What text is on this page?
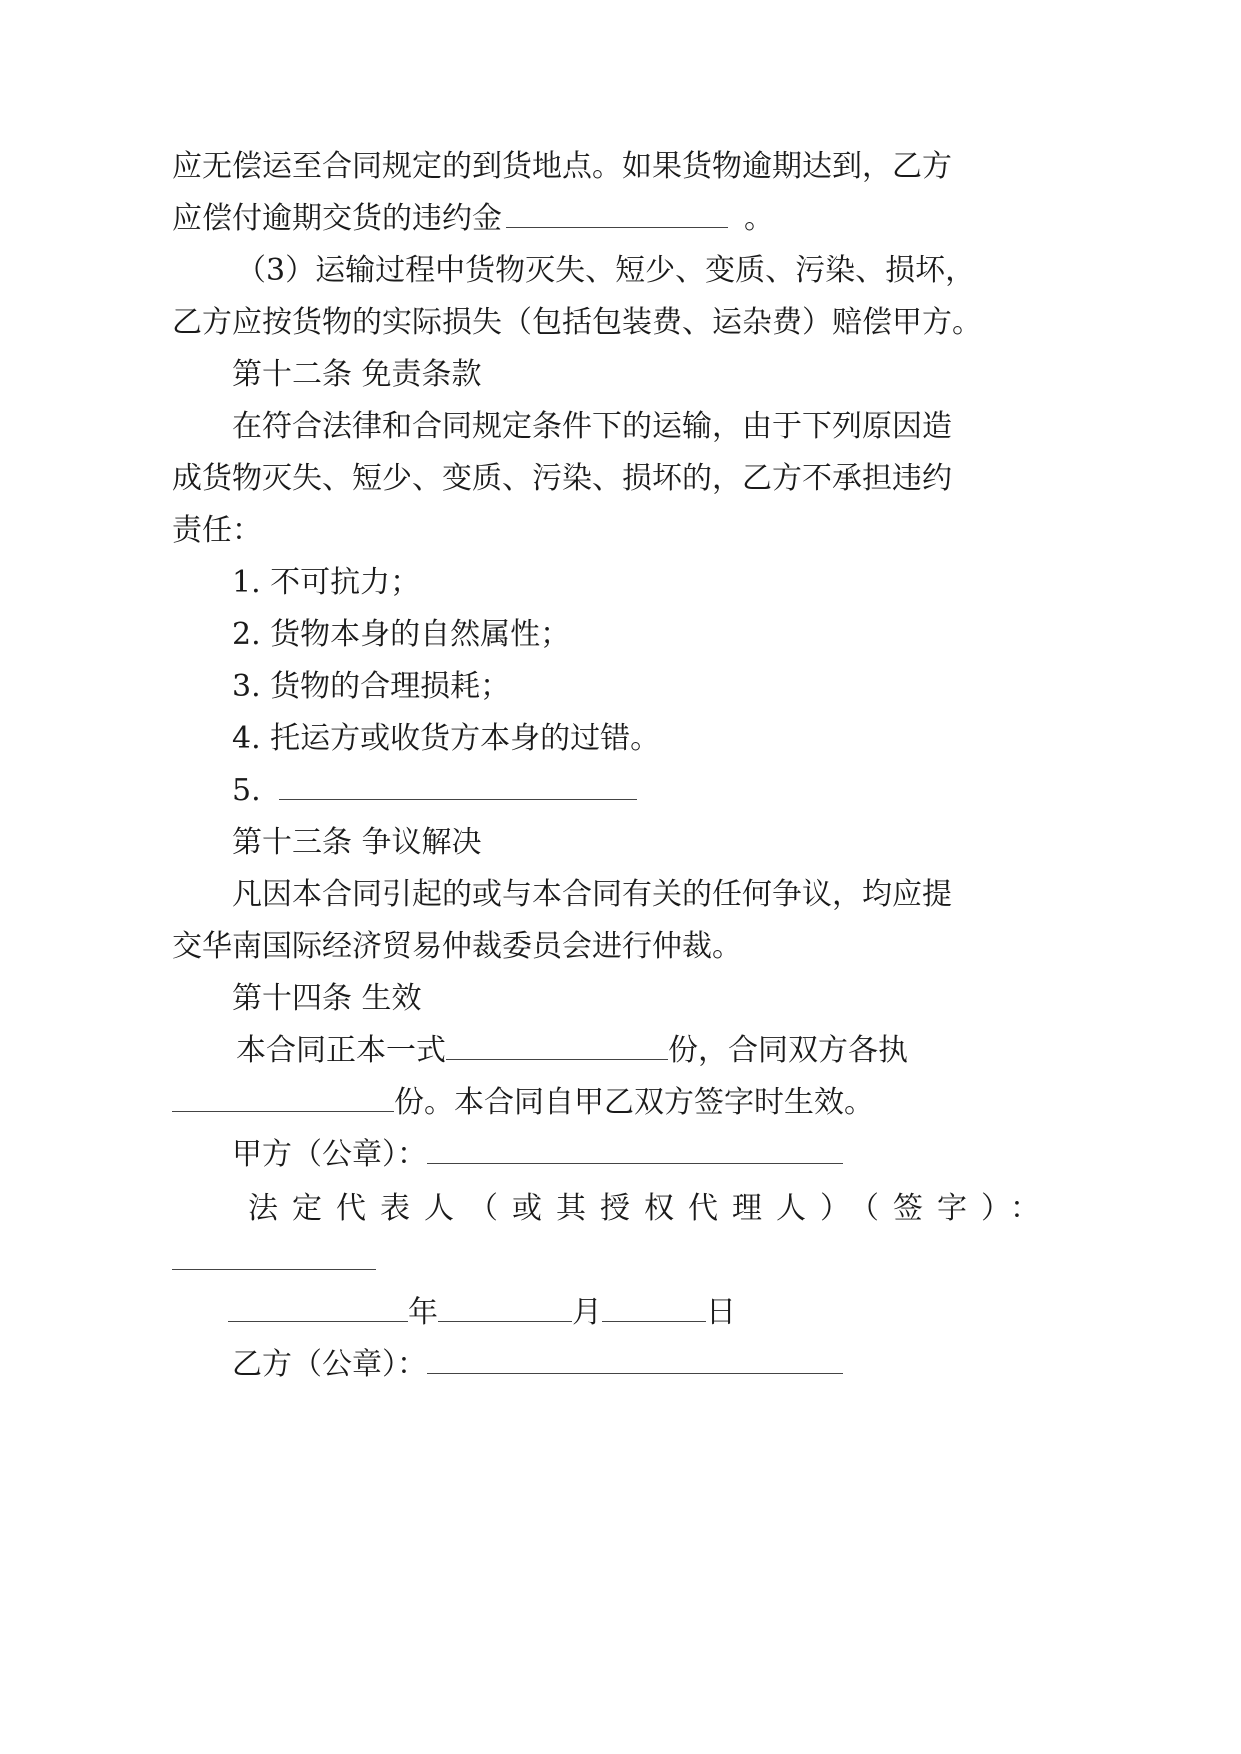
应无偿运至合同规定的到货地点。如果货物逾期达到，乙方
应偿付逾期交货的违约金	。
（3）运输过程中货物灭失、短少、变质、污染、损坏，
乙方应按货物的实际损失（包括包装费、运杂费）赔偿甲方。
第十二条 免责条款
在符合法律和合同规定条件下的运输，由于下列原因造
成货物灭失、短少、变质、污染、损坏的，乙方不承担违约
责任：
1. 不可抗力；
2. 货物本身的自然属性；
3. 货物的合理损耗；
4. 托运方或收货方本身的过错。
5.
第十三条 争议解决
凡因本合同引起的或与本合同有关的任何争议，均应提
交华南国际经济贸易仲裁委员会进行仲裁。
第十四条 生效
本合同正本一式	份，合同双方各执
份。本合同自甲乙双方签字时生效。
甲方（公章）：
法定代表人（或其授权代理人）（签字）：
年	月	日
乙方（公章）：
